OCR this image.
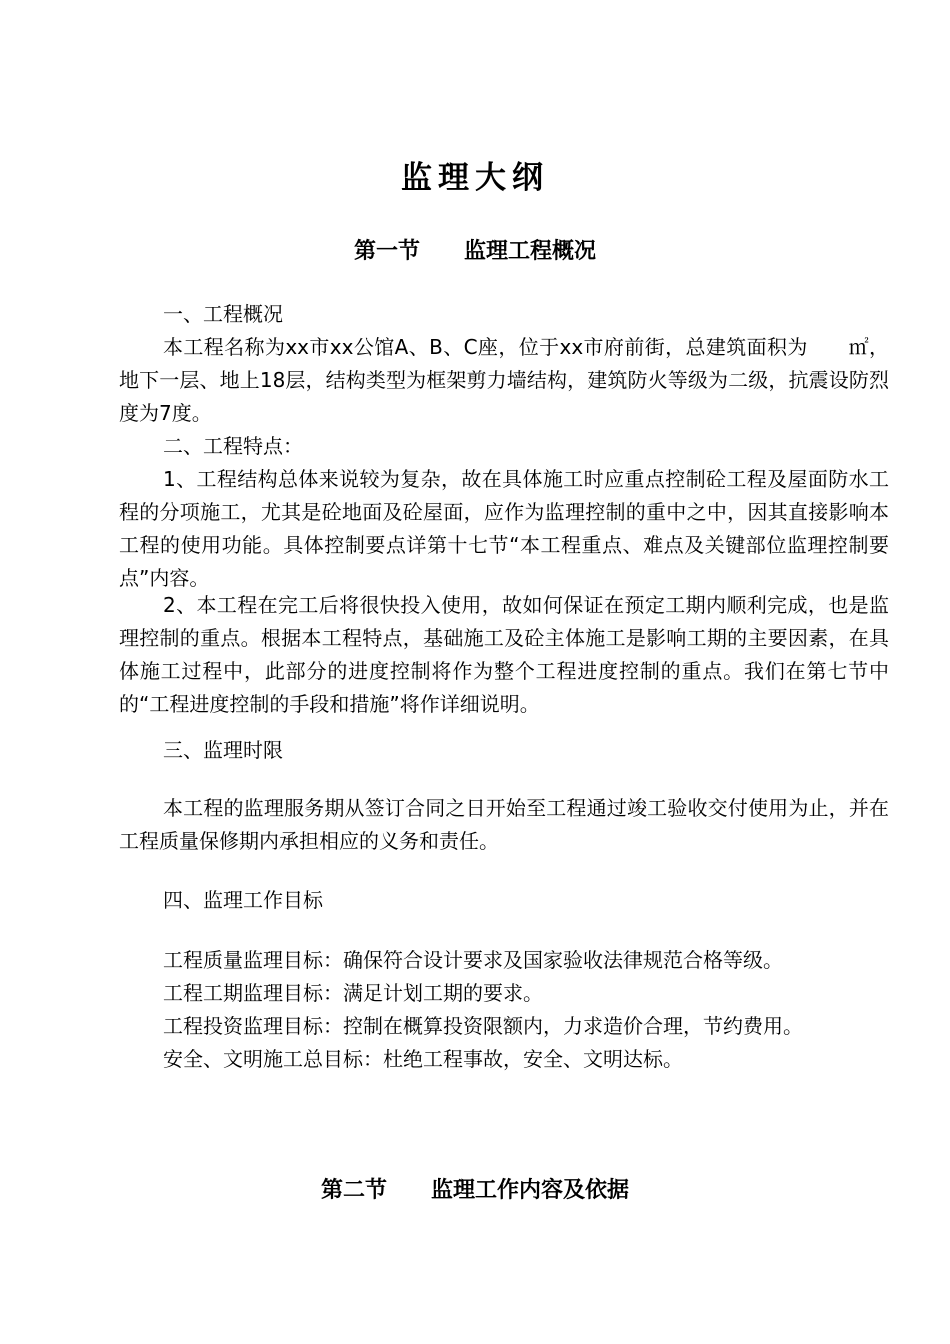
监理大纲
第一节 监理工程概况

一、工程概况

本工程名称为xx市xx公馆A、B、C座，位于xx市府前街，总建筑面积为　　㎡，地下一层、地上18层，结构类型为框架剪力墙结构，建筑防火等级为二级，抗震设防烈度为7度。

二、工程特点：

1、工程结构总体来说较为复杂，故在具体施工时应重点控制砼工程及屋面防水工程的分项施工，尤其是砼地面及砼屋面，应作为监理控制的重中之中，因其直接影响本工程的使用功能。具体控制要点详第十七节“本工程重点、难点及关键部位监理控制要点”内容。

2、本工程在完工后将很快投入使用，故如何保证在预定工期内顺利完成，也是监理控制的重点。根据本工程特点，基础施工及砼主体施工是影响工期的主要因素，在具体施工过程中，此部分的进度控制将作为整个工程进度控制的重点。我们在第七节中的“工程进度控制的手段和措施”将作详细说明。

三、监理时限

本工程的监理服务期从签订合同之日开始至工程通过竣工验收交付使用为止，并在工程质量保修期内承担相应的义务和责任。

四、监理工作目标

工程质量监理目标：确保符合设计要求及国家验收法律规范合格等级。

工程工期监理目标：满足计划工期的要求。

工程投资监理目标：控制在概算投资限额内，力求造价合理，节约费用。

安全、文明施工总目标：杜绝工程事故，安全、文明达标。

第二节 监理工作内容及依据
